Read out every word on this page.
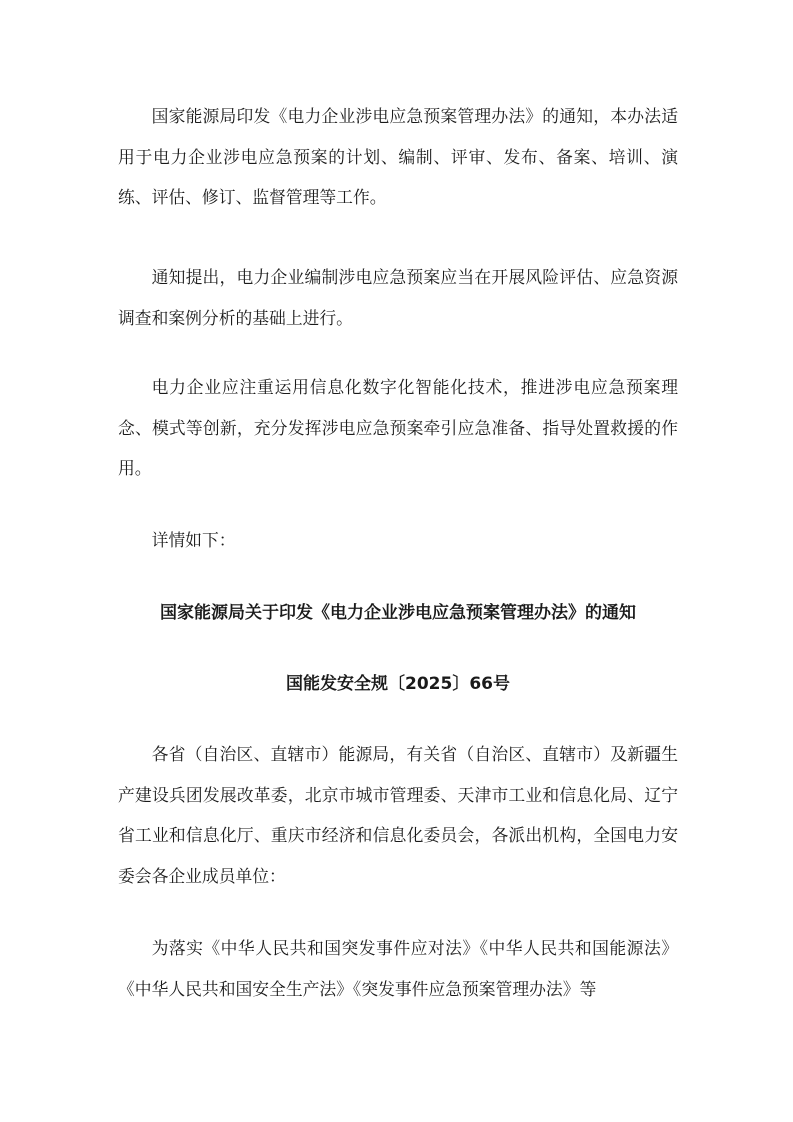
国家能源局印发《电力企业涉电应急预案管理办法》的通知，本办法适用于电力企业涉电应急预案的计划、编制、评审、发布、备案、培训、演练、评估、修订、监督管理等工作。

通知提出，电力企业编制涉电应急预案应当在开展风险评估、应急资源调查和案例分析的基础上进行。

电力企业应注重运用信息化数字化智能化技术，推进涉电应急预案理念、模式等创新，充分发挥涉电应急预案牵引应急准备、指导处置救援的作用。

详情如下：

国家能源局关于印发《电力企业涉电应急预案管理办法》的通知
国能发安全规〔2025〕66号

各省（自治区、直辖市）能源局，有关省（自治区、直辖市）及新疆生产建设兵团发展改革委，北京市城市管理委、天津市工业和信息化局、辽宁省工业和信息化厅、重庆市经济和信息化委员会，各派出机构，全国电力安委会各企业成员单位：

为落实《中华人民共和国突发事件应对法》《中华人民共和国能源法》《中华人民共和国安全生产法》《突发事件应急预案管理办法》等
